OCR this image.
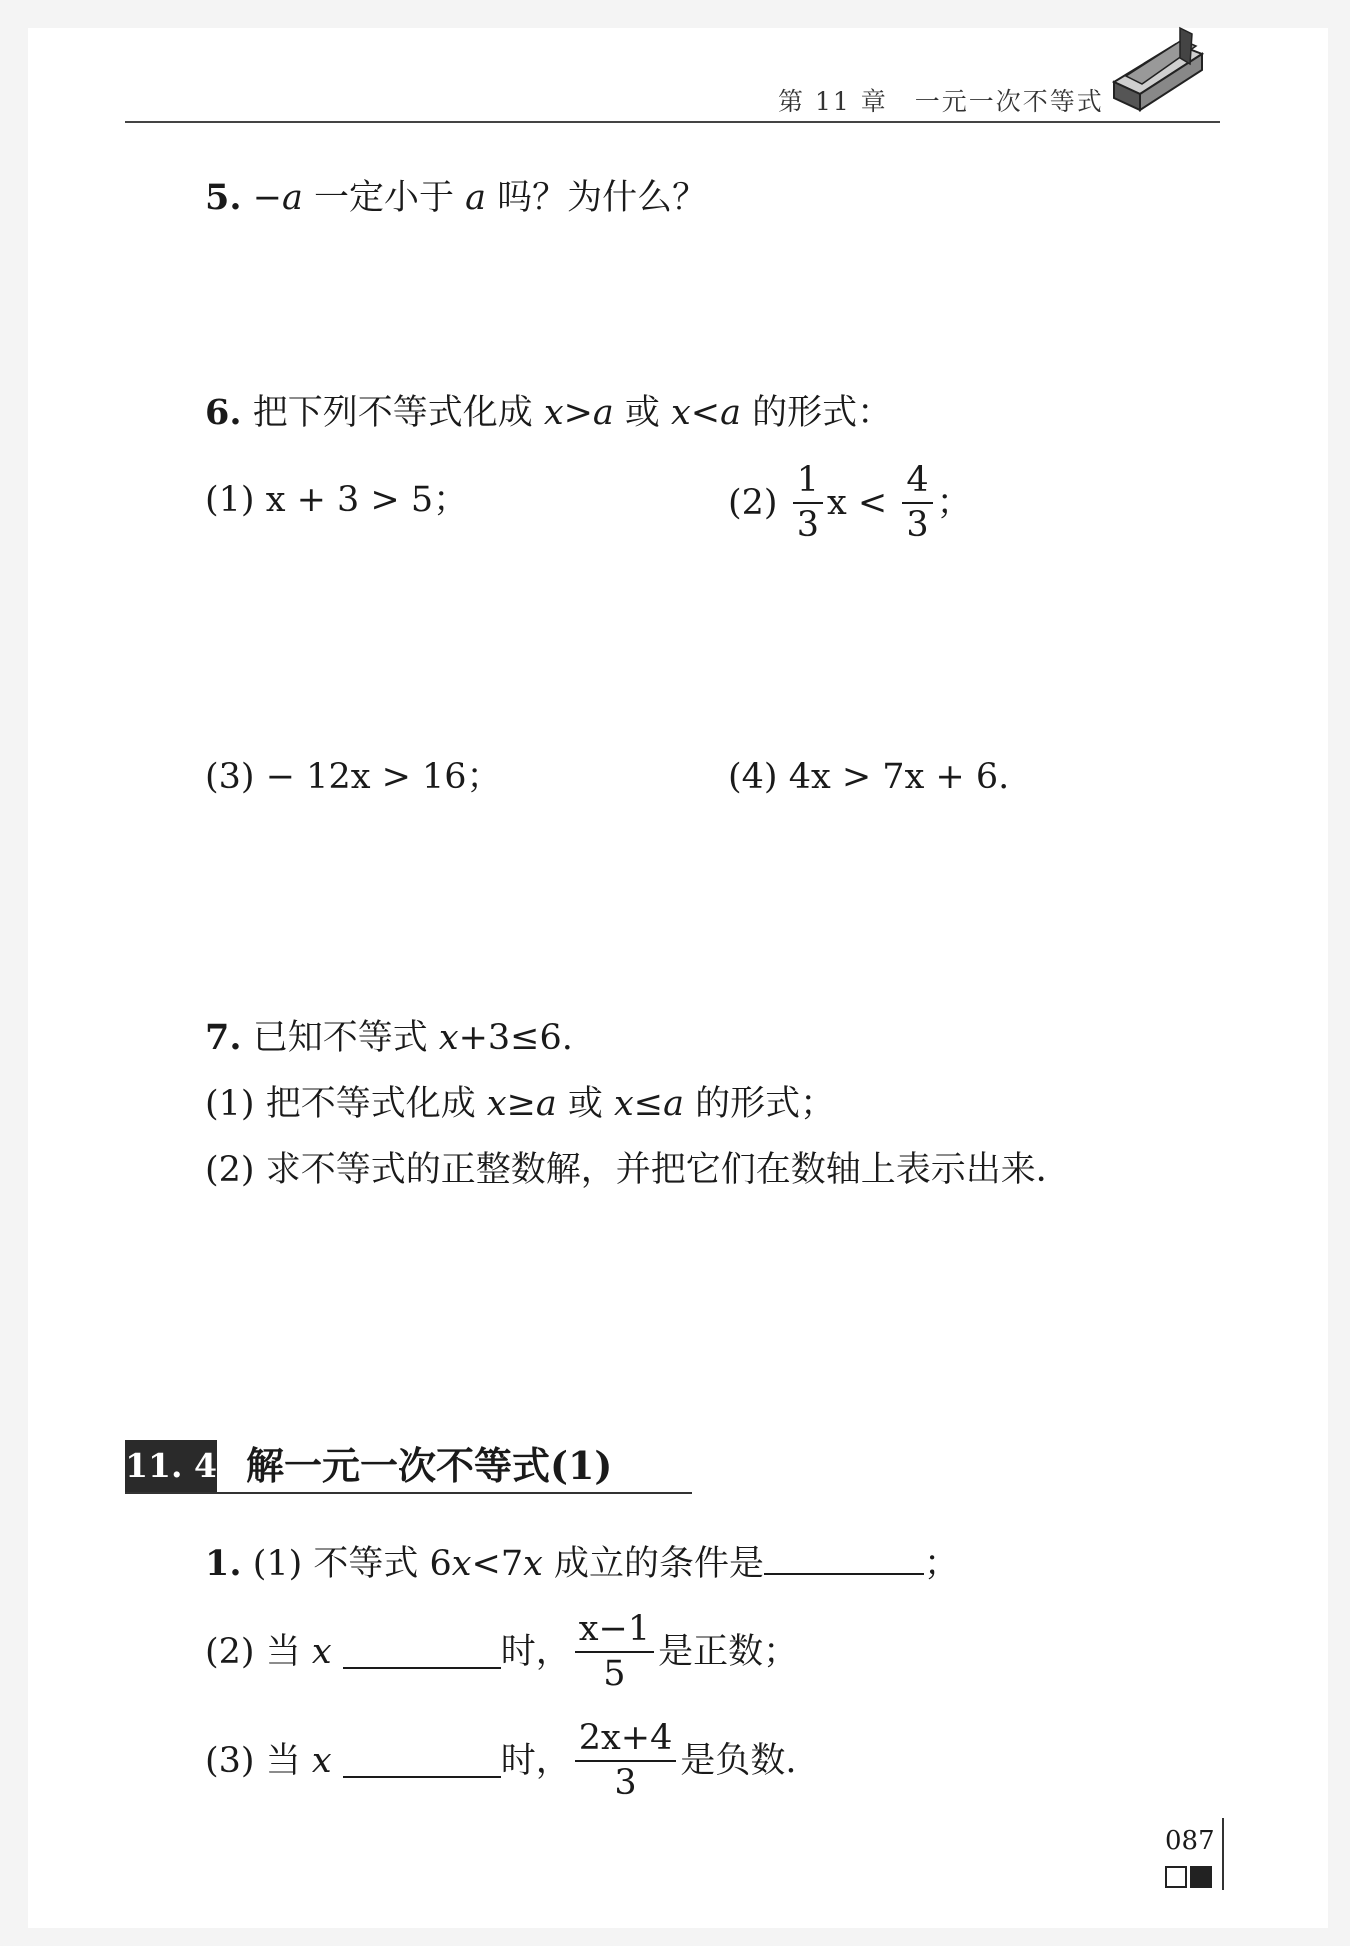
第 11 章　一元一次不等式
5. −a 一定小于 a 吗？为什么？
6. 把下列不等式化成 x>a 或 x<a 的形式：
(1) x + 3 > 5；	$(2) \frac{1}{3}$ $x < \frac{4}{3}$ ；
(3) − 12x > 16；	(4) 4x > 7x + 6.
7. 已知不等式 x+3≤6.
(1) 把不等式化成 x≥a 或 x≤a 的形式；
(2) 求不等式的正整数解，并把它们在数轴上表示出来．
11. 4 解一元一次不等式(1)
1. (1) 不等式 6x<7x 成立的条件是	；
(2) 当 x	时， $\frac{x-1}{5}$ 是正数；
(3) 当 x	时， $\frac{2x+4}{3}$ 是负数.
087
